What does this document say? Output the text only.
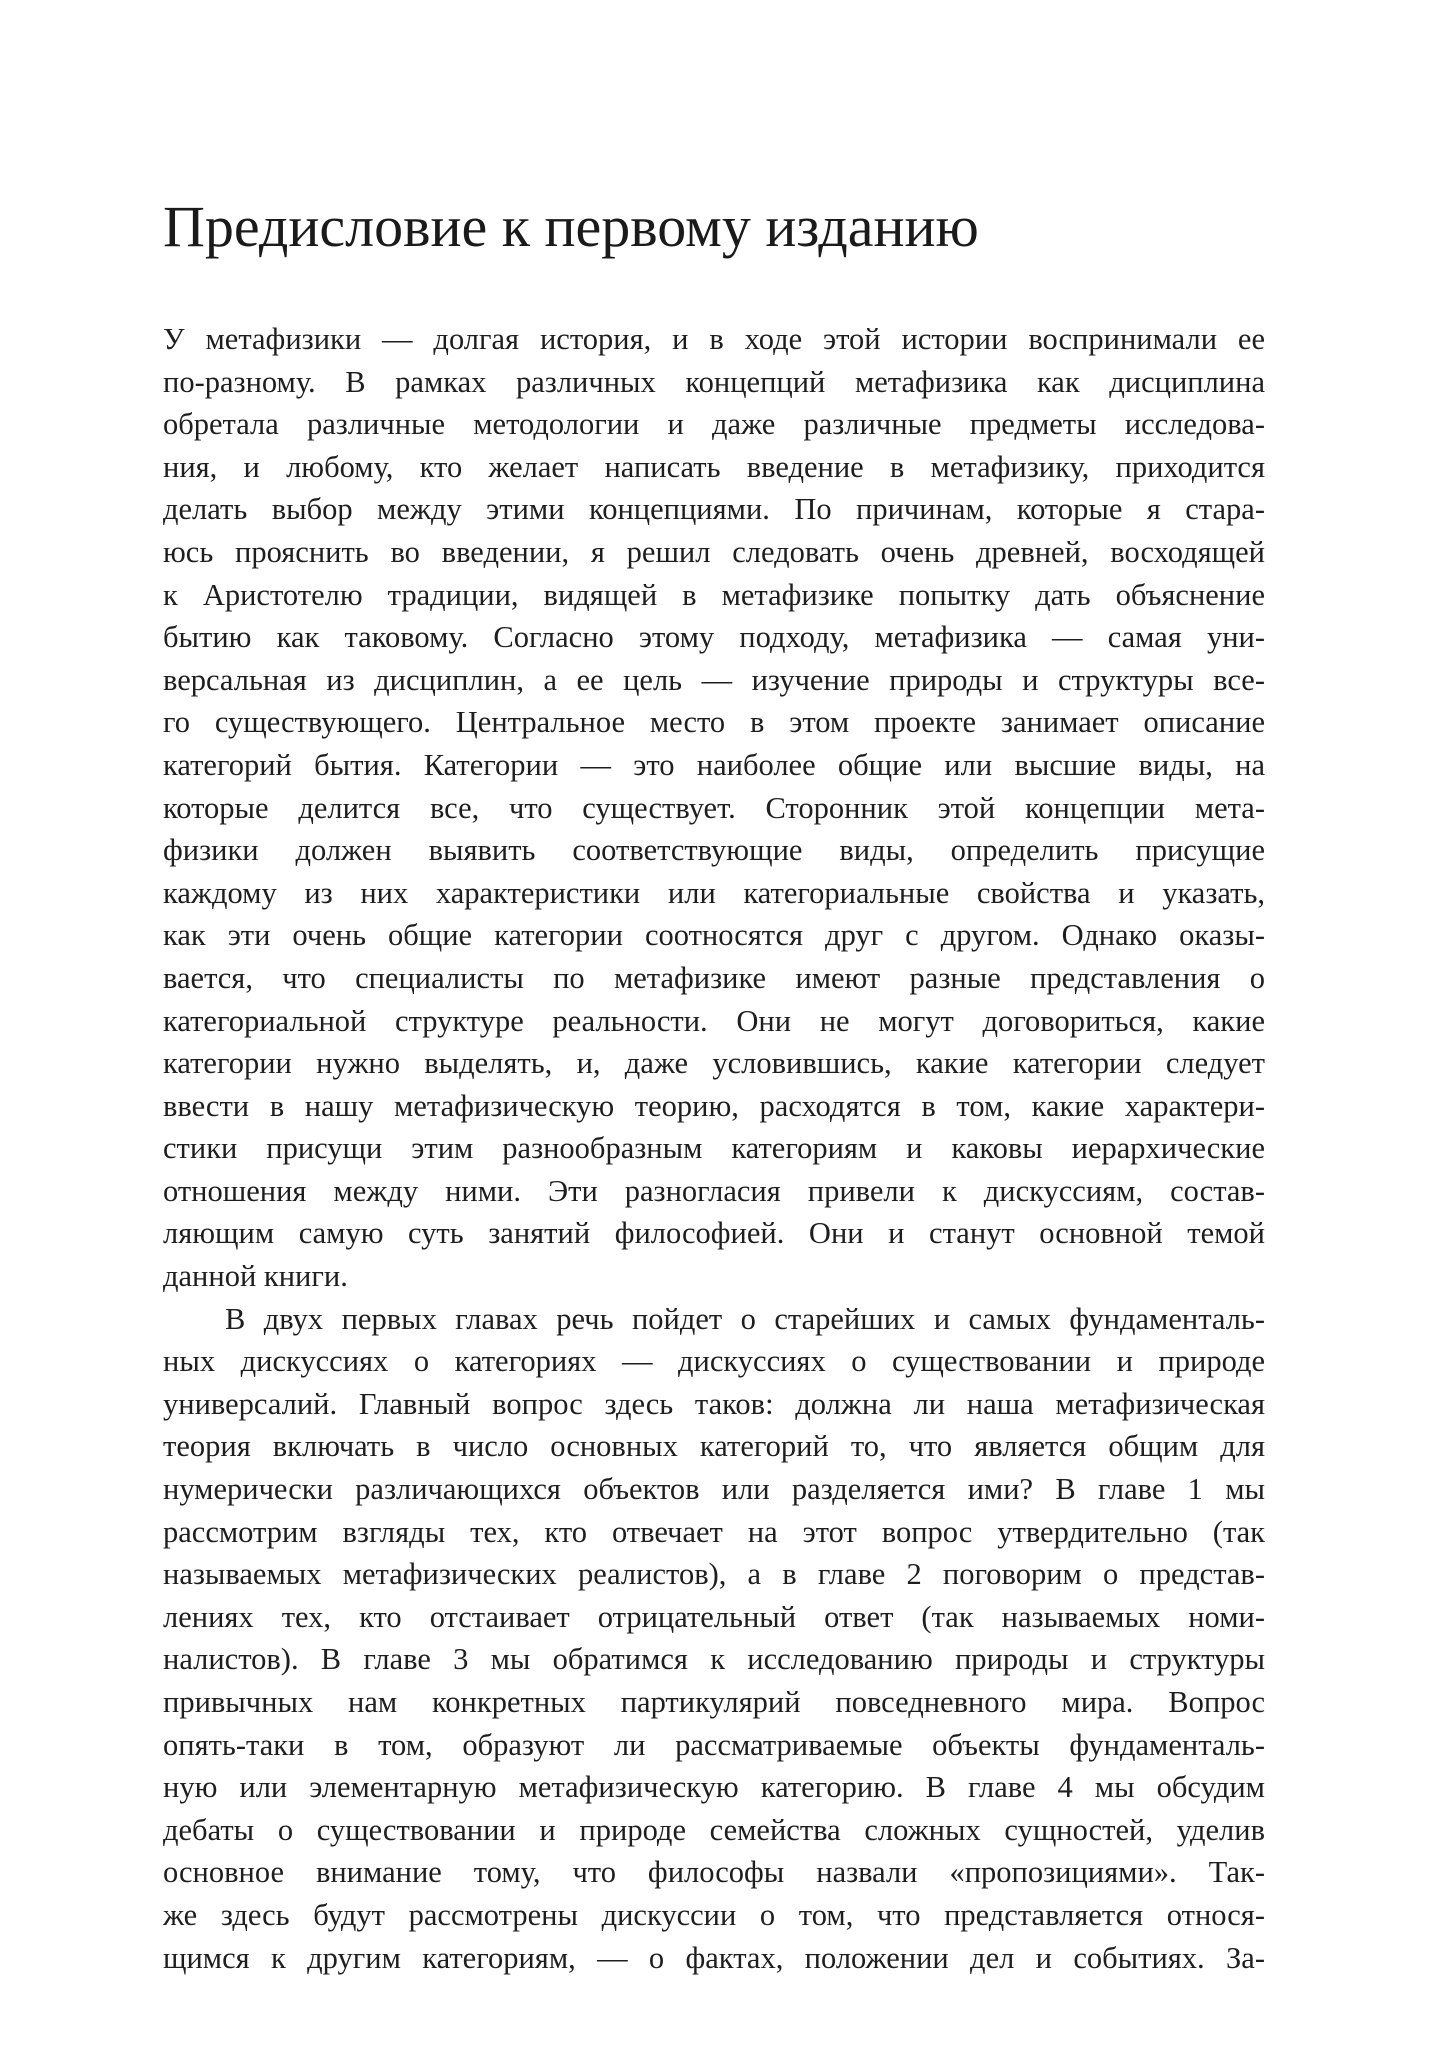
Предисловие к первому изданию
У метафизики — долгая история, и в ходе этой истории воспринимали ее
по-разному. В рамках различных концепций метафизика как дисциплина
обретала различные методологии и даже различные предметы исследова-
ния, и любому, кто желает написать введение в метафизику, приходится
делать выбор между этими концепциями. По причинам, которые я стара-
юсь прояснить во введении, я решил следовать очень древней, восходящей
к Аристотелю традиции, видящей в метафизике попытку дать объяснение
бытию как таковому. Согласно этому подходу, метафизика — самая уни-
версальная из дисциплин, а ее цель — изучение природы и структуры все-
го существующего. Центральное место в этом проекте занимает описание
категорий бытия. Категории — это наиболее общие или высшие виды, на
которые делится все, что существует. Сторонник этой концепции мета-
физики должен выявить соответствующие виды, определить присущие
каждому из них характеристики или категориальные свойства и указать,
как эти очень общие категории соотносятся друг с другом. Однако оказы-
вается, что специалисты по метафизике имеют разные представления о
категориальной структуре реальности. Они не могут договориться, какие
категории нужно выделять, и, даже условившись, какие категории следует
ввести в нашу метафизическую теорию, расходятся в том, какие характери-
стики присущи этим разнообразным категориям и каковы иерархические
отношения между ними. Эти разногласия привели к дискуссиям, состав-
ляющим самую суть занятий философией. Они и станут основной темой
данной книги.
В двух первых главах речь пойдет о старейших и самых фундаменталь-
ных дискуссиях о категориях — дискуссиях о существовании и природе
универсалий. Главный вопрос здесь таков: должна ли наша метафизическая
теория включать в число основных категорий то, что является общим для
нумерически различающихся объектов или разделяется ими? В главе 1 мы
рассмотрим взгляды тех, кто отвечает на этот вопрос утвердительно (так
называемых метафизических реалистов), а в главе 2 поговорим о представ-
лениях тех, кто отстаивает отрицательный ответ (так называемых номи-
налистов). В главе 3 мы обратимся к исследованию природы и структуры
привычных нам конкретных партикулярий повседневного мира. Вопрос
опять-таки в том, образуют ли рассматриваемые объекты фундаменталь-
ную или элементарную метафизическую категорию. В главе 4 мы обсудим
дебаты о существовании и природе семейства сложных сущностей, уделив
основное внимание тому, что философы назвали «пропозициями». Так-
же здесь будут рассмотрены дискуссии о том, что представляется относя-
щимся к другим категориям, — о фактах, положении дел и событиях. За-
